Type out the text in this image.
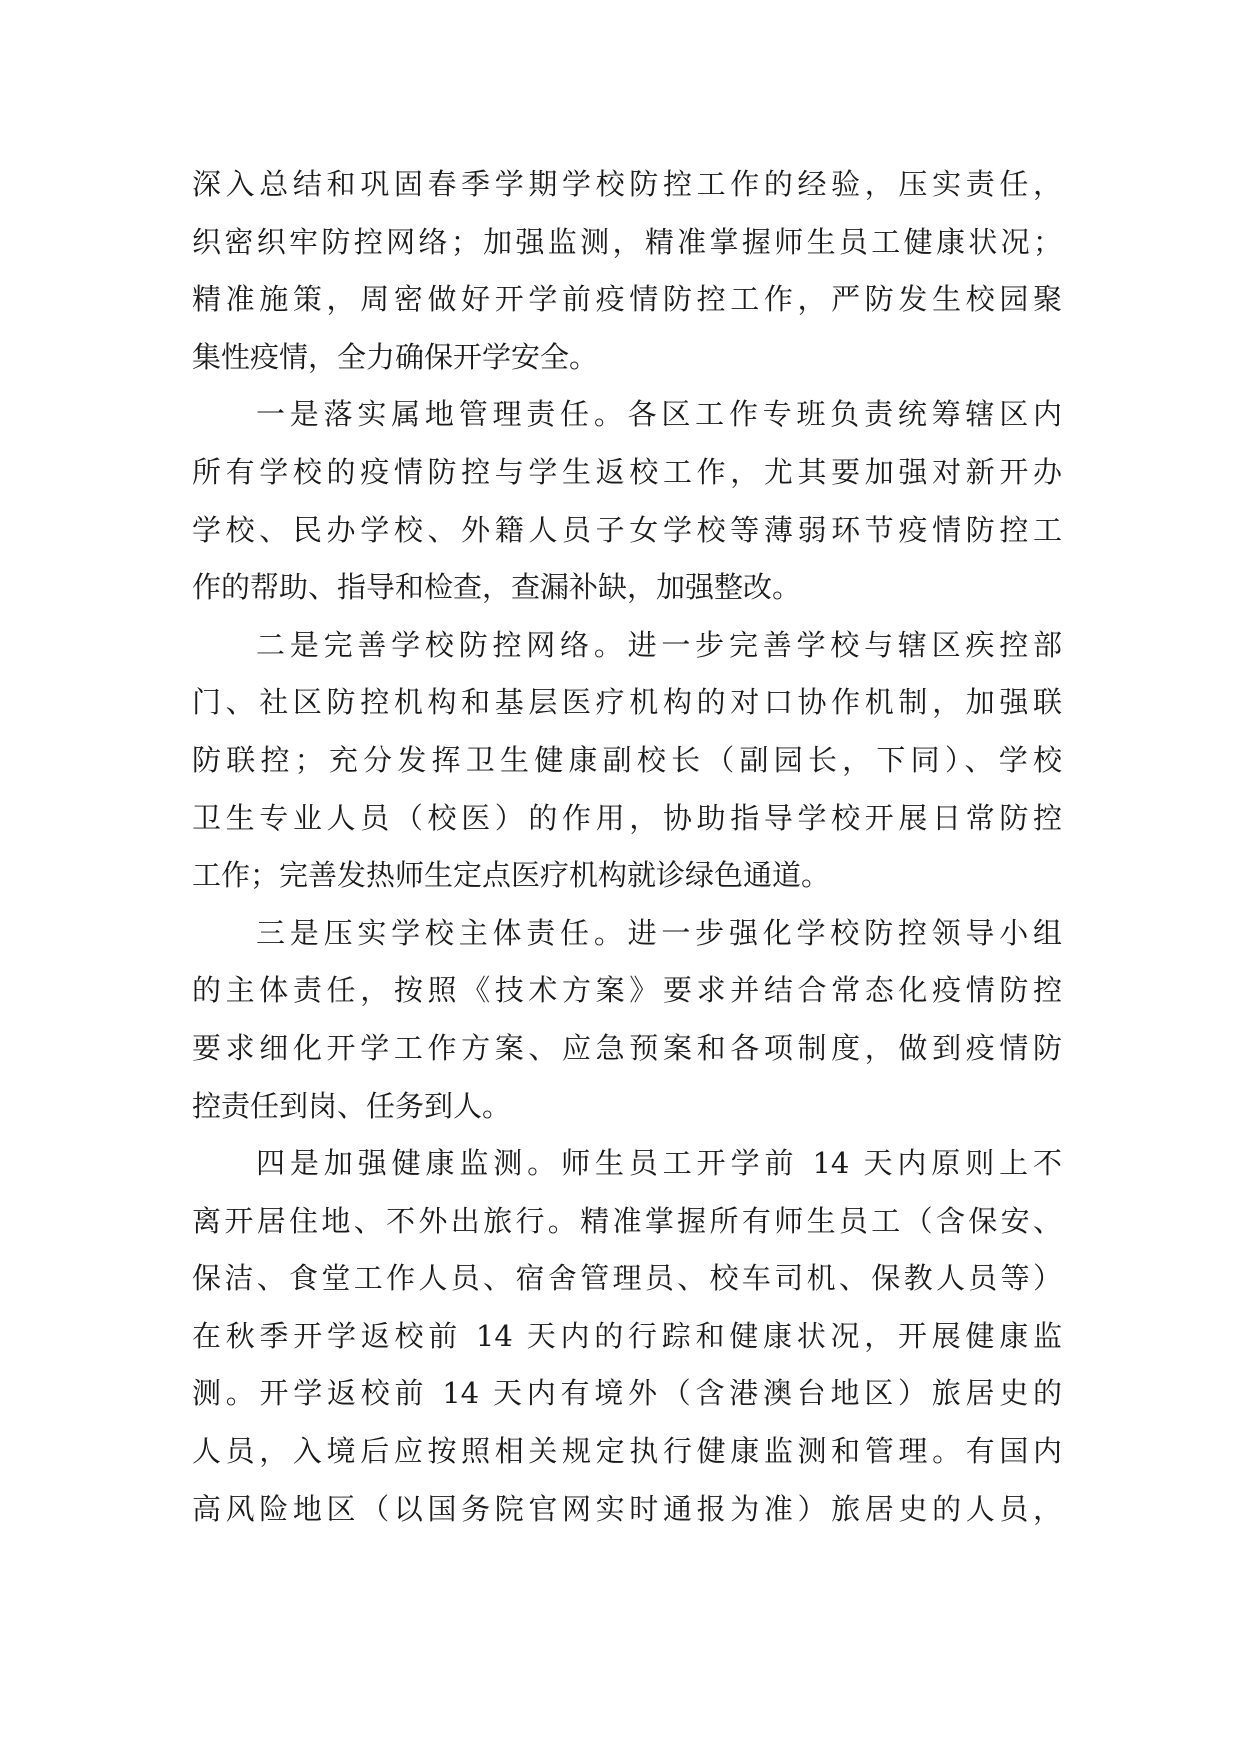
深入总结和巩固春季学期学校防控工作的经验，压实责任，
织密织牢防控网络；加强监测，精准掌握师生员工健康状况；
精准施策，周密做好开学前疫情防控工作，严防发生校园聚
集性疫情，全力确保开学安全。
一是落实属地管理责任。各区工作专班负责统筹辖区内
所有学校的疫情防控与学生返校工作，尤其要加强对新开办
学校、民办学校、外籍人员子女学校等薄弱环节疫情防控工
作的帮助、指导和检查，查漏补缺，加强整改。
二是完善学校防控网络。进一步完善学校与辖区疾控部
门、社区防控机构和基层医疗机构的对口协作机制，加强联
防联控；充分发挥卫生健康副校长（副园长，下同）、学校
卫生专业人员（校医）的作用，协助指导学校开展日常防控
工作；完善发热师生定点医疗机构就诊绿色通道。
三是压实学校主体责任。进一步强化学校防控领导小组
的主体责任，按照《技术方案》要求并结合常态化疫情防控
要求细化开学工作方案、应急预案和各项制度，做到疫情防
控责任到岗、任务到人。
四是加强健康监测。师生员工开学前 14 天内原则上不
离开居住地、不外出旅行。精准掌握所有师生员工（含保安、
保洁、食堂工作人员、宿舍管理员、校车司机、保教人员等）
在秋季开学返校前 14 天内的行踪和健康状况，开展健康监
测。开学返校前 14 天内有境外（含港澳台地区）旅居史的
人员，入境后应按照相关规定执行健康监测和管理。有国内
高风险地区（以国务院官网实时通报为准）旅居史的人员，
